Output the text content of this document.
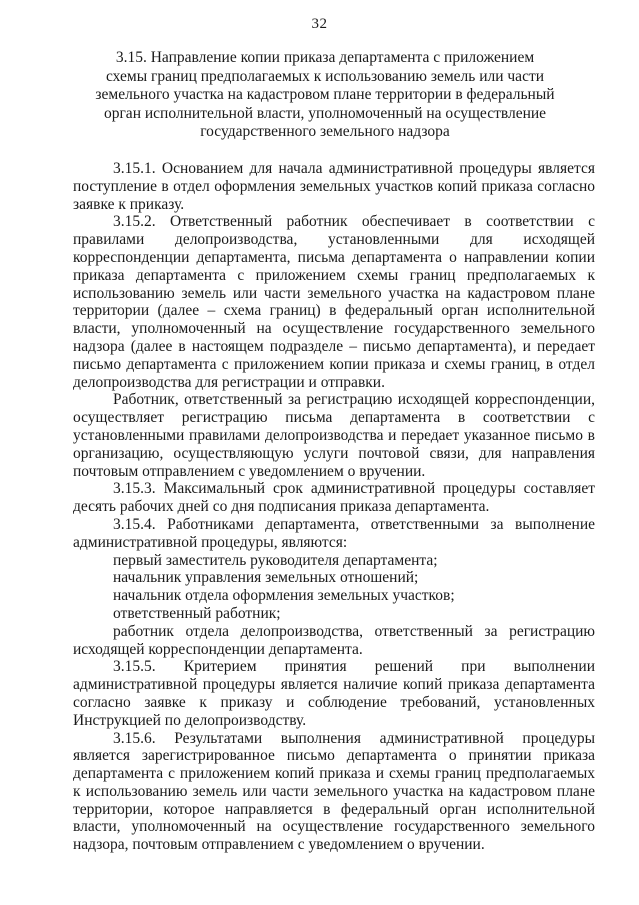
32
3.15. Направление копии приказа департамента с приложением схемы границ предполагаемых к использованию земель или части земельного участка на кадастровом плане территории в федеральный орган исполнительной власти, уполномоченный на осуществление государственного земельного надзора

3.15.1. Основанием для начала административной процедуры является поступление в отдел оформления земельных участков копий приказа согласно заявке к приказу.

3.15.2. Ответственный работник обеспечивает в соответствии с правилами делопроизводства, установленными для исходящей корреспонденции департамента, письма департамента о направлении копии приказа департамента с приложением схемы границ предполагаемых к использованию земель или части земельного участка на кадастровом плане территории (далее – схема границ) в федеральный орган исполнительной власти, уполномоченный на осуществление государственного земельного надзора (далее в настоящем подразделе – письмо департамента), и передает письмо департамента с приложением копии приказа и схемы границ, в отдел делопроизводства для регистрации и отправки.

Работник, ответственный за регистрацию исходящей корреспонденции, осуществляет регистрацию письма департамента в соответствии с установленными правилами делопроизводства и передает указанное письмо в организацию, осуществляющую услуги почтовой связи, для направления почтовым отправлением с уведомлением о вручении.

3.15.3. Максимальный срок административной процедуры составляет десять рабочих дней со дня подписания приказа департамента.

3.15.4. Работниками департамента, ответственными за выполнение административной процедуры, являются:

первый заместитель руководителя департамента;

начальник управления земельных отношений;

начальник отдела оформления земельных участков;

ответственный работник;

работник отдела делопроизводства, ответственный за регистрацию исходящей корреспонденции департамента.

3.15.5. Критерием принятия решений при выполнении административной процедуры является наличие копий приказа департамента согласно заявке к приказу и соблюдение требований, установленных Инструкцией по делопроизводству.

3.15.6. Результатами выполнения административной процедуры является зарегистрированное письмо департамента о принятии приказа департамента с приложением копий приказа и схемы границ предполагаемых к использованию земель или части земельного участка на кадастровом плане территории, которое направляется в федеральный орган исполнительной власти, уполномоченный на осуществление государственного земельного надзора, почтовым отправлением с уведомлением о вручении.
